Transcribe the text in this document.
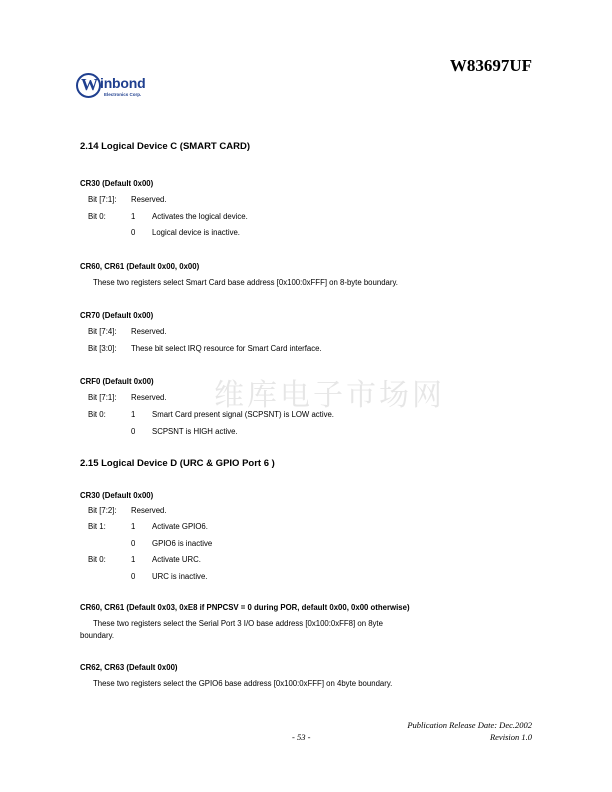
W83697UF
W inbond
Electronics Corp.
维库电子市场网
2.14 Logical Device C (SMART CARD)
CR30 (Default 0x00)
Bit [7:1]: Reserved.
Bit 0:	1 Activates the logical device.
0 Logical device is inactive.
CR60, CR61 (Default 0x00, 0x00)
These two registers select Smart Card base address [0x100:0xFFF] on 8-byte boundary.
CR70 (Default 0x00)
Bit [7:4]: Reserved.
Bit [3:0]: These bit select IRQ resource for Smart Card interface.
CRF0 (Default 0x00)
Bit [7:1]: Reserved.
Bit 0:	1 Smart Card present signal (SCPSNT) is LOW active.
0 SCPSNT is HIGH active.
2.15 Logical Device D (URC & GPIO Port 6 )
CR30 (Default 0x00)
Bit [7:2]: Reserved.
Bit 1:	1 Activate GPIO6.
0 GPIO6 is inactive
Bit 0:	1 Activate URC.
0 URC is inactive.
CR60, CR61 (Default 0x03, 0xE8 if PNPCSV = 0 during POR, default 0x00, 0x00 otherwise)
These two registers select the Serial Port 3 I/O base address [0x100:0xFF8] on 8yte
boundary.
CR62, CR63 (Default 0x00)
These two registers select the GPIO6 base address [0x100:0xFFF] on 4byte boundary.
Publication Release Date: Dec.2002
- 53 -	Revision 1.0
